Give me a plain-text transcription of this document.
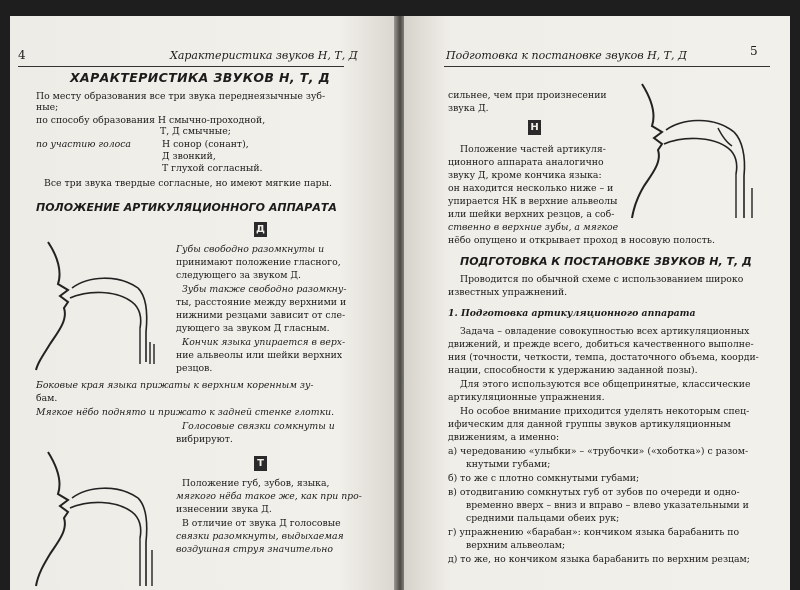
4	Характеристика звуков Н, Т, Д
ХАРАКТЕРИСТИКА ЗВУКОВ Н, Т, Д
По месту образования все три звука переднеязычные зуб-
ные;
по способу образования Н смычно-проходной,
Т, Д смычные;
по участию голоса	Н сонор (сонант),
Д звонкий,
Т глухой согласный.
Все три звука твердые согласные, но имеют мягкие пары.
ПОЛОЖЕНИЕ АРТИКУЛЯЦИОННОГО АППАРАТА
Д
Губы свободно разомкнуты и
принимают положение гласного,
следующего за звуком Д.
Зубы также свободно разомкну-
ты, расстояние между верхними и
нижними резцами зависит от сле-
дующего за звуком Д гласным.
Кончик языка упирается в верх-
ние альвеолы или шейки верхних
резцов.
Боковые края языка прижаты к верхним коренным зу-
бам.
Мягкое нёбо поднято и прижато к задней стенке глотки.
Голосовые связки сомкнуты и
вибрируют.
Т
Положение губ, зубов, языка,
мягкого нёба такое же, как при про-
изнесении звука Д.
В отличие от звука Д голосовые
связки разомкнуты, выдыхаемая
воздушная струя значительно
Подготовка к постановке звуков Н, Т, Д	5
сильнее, чем при произнесении
звука Д.
Н
Положение частей артикуля-
ционного аппарата аналогично
звуку Д, кроме кончика языка:
он находится несколько ниже – и
упирается НК в верхние альвеолы
или шейки верхних резцов, а соб-
ственно в верхние зубы, а мягкое
нёбо опущено и открывает проход в носовую полость.
ПОДГОТОВКА К ПОСТАНОВКЕ ЗВУКОВ Н, Т, Д
Проводится по обычной схеме с использованием широко
известных упражнений.
1. Подготовка артикуляционного аппарата
Задача – овладение совокупностью всех артикуляционных
движений, и прежде всего, добиться качественного выполне-
ния (точности, четкости, темпа, достаточного объема, коорди-
нации, способности к удержанию заданной позы).
Для этого используются все общепринятые, классические
артикуляционные упражнения.
Но особое внимание приходится уделять некоторым спец-
ифическим для данной группы звуков артикуляционным
движениям, а именно:
а) чередованию «улыбки» – «трубочки» («хоботка») с разом-
кнутыми губами;
б) то же с плотно сомкнутыми губами;
в) отодвиганию сомкнутых губ от зубов по очереди и одно-
временно вверх – вниз и вправо – влево указательными и
средними пальцами обеих рук;
г) упражнению «барабан»: кончиком языка барабанить по
верхним альвеолам;
д) то же, но кончиком языка барабанить по верхним резцам;
